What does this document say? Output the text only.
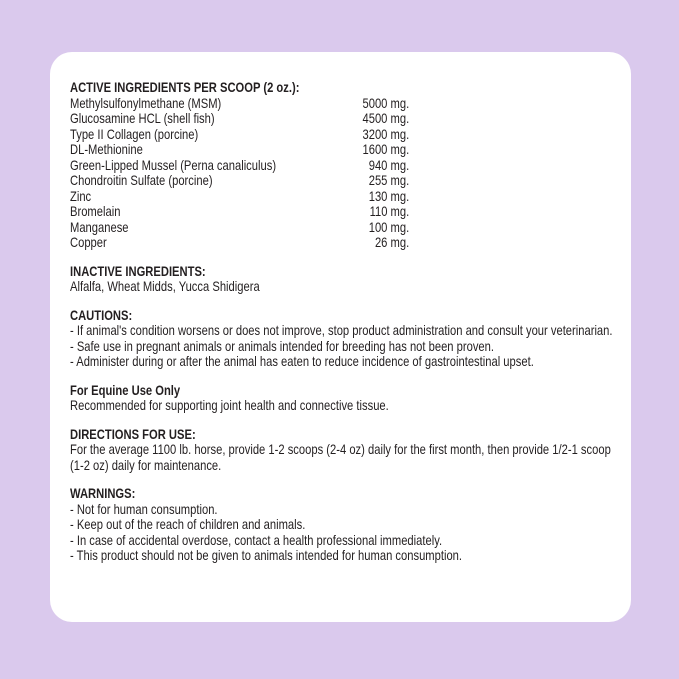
ACTIVE INGREDIENTS PER SCOOP (2 oz.):
Methylsulfonylmethane (MSM)	5000 mg.
Glucosamine HCL (shell fish)	4500 mg.
Type II Collagen (porcine)	3200 mg.
DL-Methionine	1600 mg.
Green-Lipped Mussel (Perna canaliculus)	940 mg.
Chondroitin Sulfate (porcine)	255 mg.
Zinc	130 mg.
Bromelain	110 mg.
Manganese	100 mg.
Copper	26 mg.
INACTIVE INGREDIENTS:
Alfalfa, Wheat Midds, Yucca Shidigera
CAUTIONS:
- If animal's condition worsens or does not improve, stop product administration and consult your veterinarian.
- Safe use in pregnant animals or animals intended for breeding has not been proven.
- Administer during or after the animal has eaten to reduce incidence of gastrointestinal upset.
For Equine Use Only
Recommended for supporting joint health and connective tissue.
DIRECTIONS FOR USE:
For the average 1100 lb. horse, provide 1-2 scoops (2-4 oz) daily for the first month, then provide 1/2-1 scoop (1-2 oz) daily for maintenance.
WARNINGS:
- Not for human consumption.
- Keep out of the reach of children and animals.
- In case of accidental overdose, contact a health professional immediately.
- This product should not be given to animals intended for human consumption.
